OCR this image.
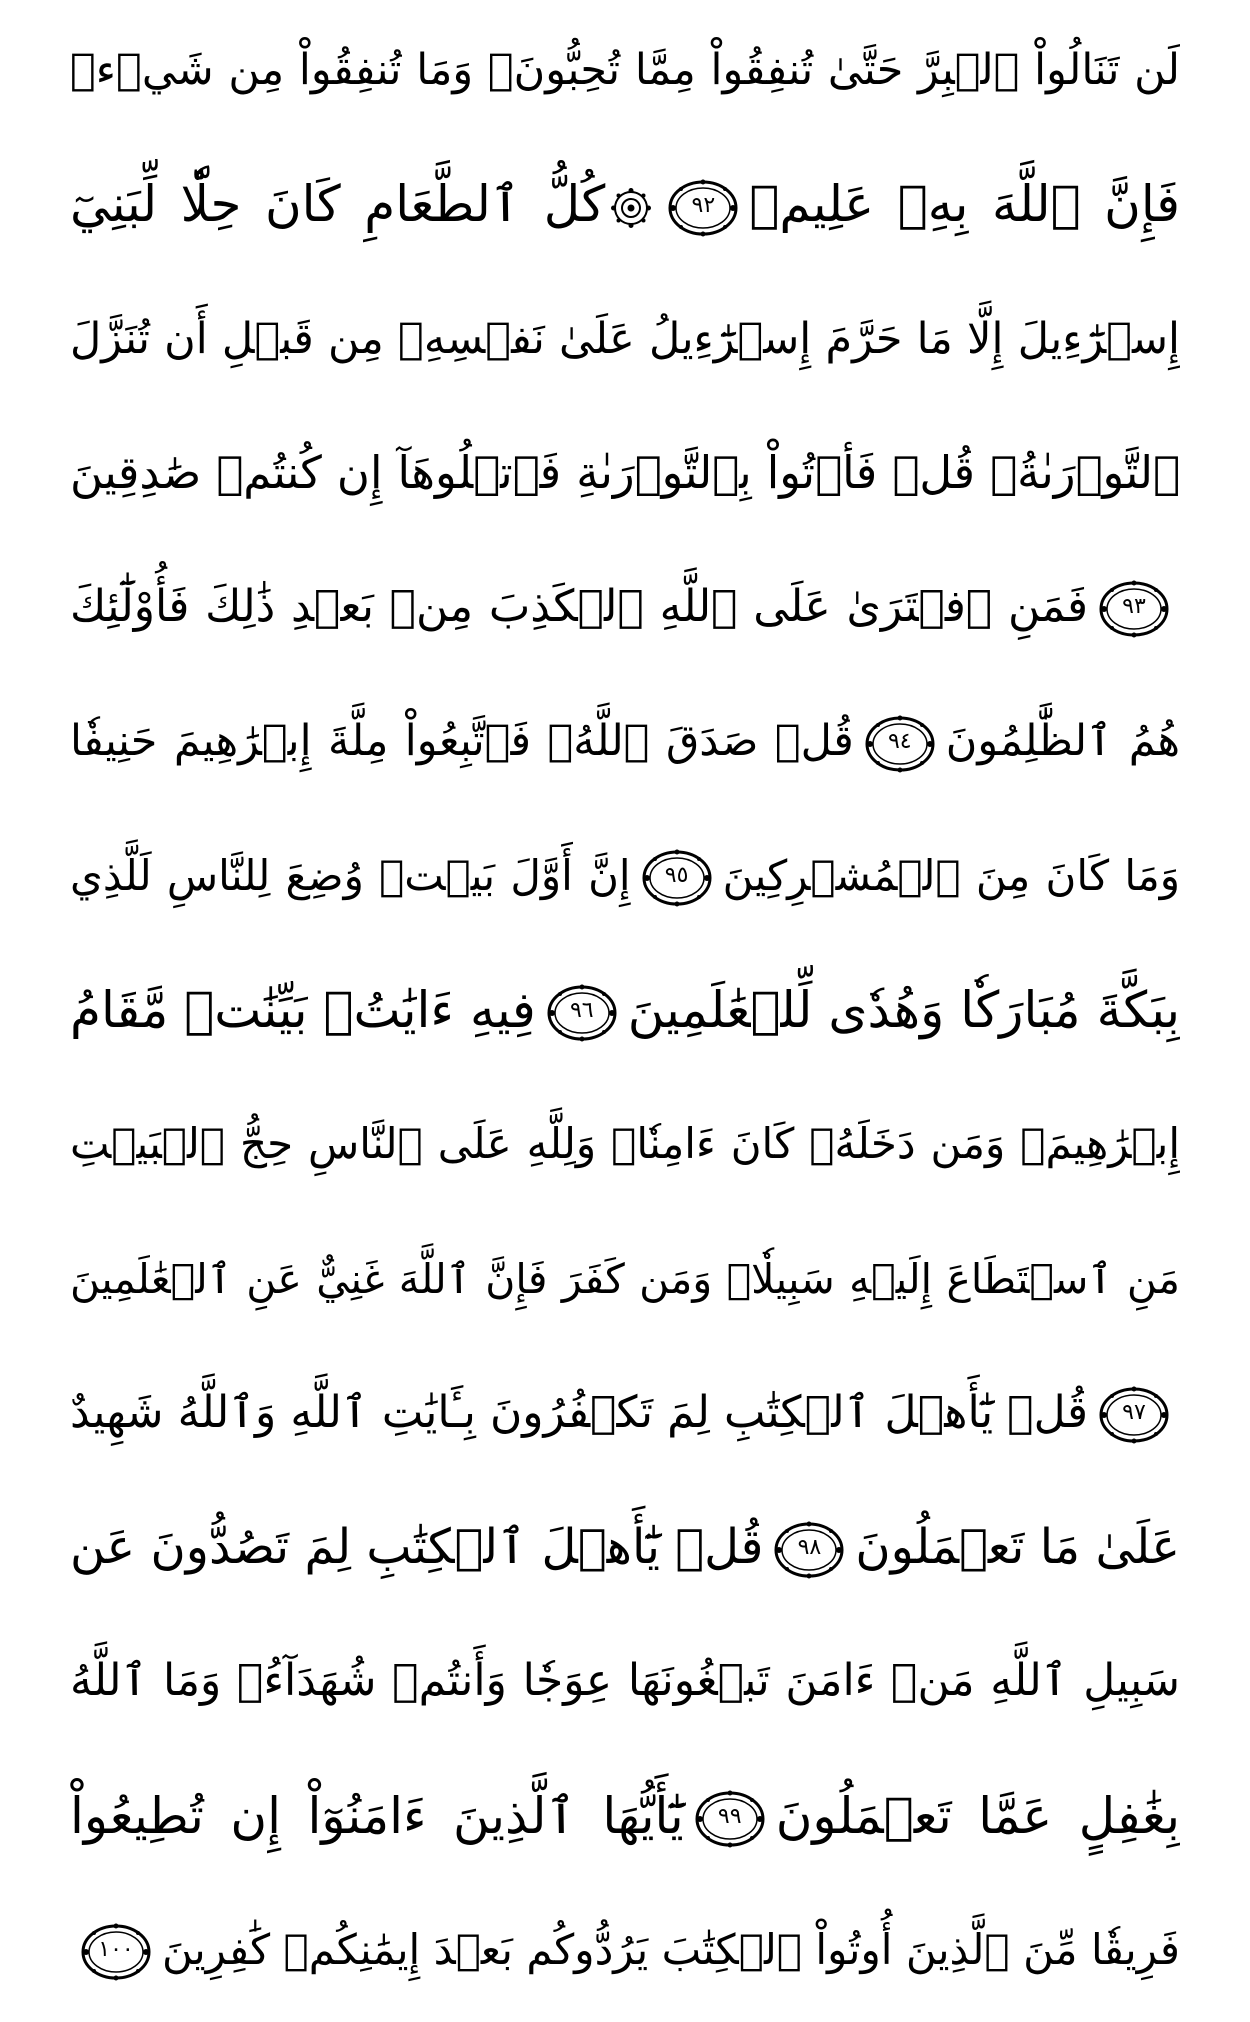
لَن تَنَالُواْ ٱلۡبِرَّ حَتَّىٰ تُنفِقُواْ مِمَّا تُحِبُّونَۚ وَمَا تُنفِقُواْ مِن شَيۡءٖ
فَإِنَّ ٱللَّهَ بِهِۦ عَلِيمٞ
٩٢
كُلُّ ٱلطَّعَامِ كَانَ حِلّٗا لِّبَنِيٓ
إِسۡرَٰٓءِيلَ إِلَّا مَا حَرَّمَ إِسۡرَٰٓءِيلُ عَلَىٰ نَفۡسِهِۦ مِن قَبۡلِ أَن تُنَزَّلَ
ٱلتَّوۡرَىٰةُۗ قُلۡ فَأۡتُواْ بِٱلتَّوۡرَىٰةِ فَٱتۡلُوهَآ إِن كُنتُمۡ صَٰدِقِينَ
٩٣
فَمَنِ ٱفۡتَرَىٰ عَلَى ٱللَّهِ ٱلۡكَذِبَ مِنۢ بَعۡدِ ذَٰلِكَ فَأُوْلَٰٓئِكَ
هُمُ ٱلظَّٰلِمُونَ
٩٤
قُلۡ صَدَقَ ٱللَّهُۗ فَٱتَّبِعُواْ مِلَّةَ إِبۡرَٰهِيمَ حَنِيفٗا
وَمَا كَانَ مِنَ ٱلۡمُشۡرِكِينَ
٩٥
إِنَّ أَوَّلَ بَيۡتٖ وُضِعَ لِلنَّاسِ لَلَّذِي
بِبَكَّةَ مُبَارَكٗا وَهُدٗى لِّلۡعَٰلَمِينَ
٩٦
فِيهِ ءَايَٰتُۢ بَيِّنَٰتٞ مَّقَامُ
إِبۡرَٰهِيمَۖ وَمَن دَخَلَهُۥ كَانَ ءَامِنٗاۗ وَلِلَّهِ عَلَى ٱلنَّاسِ حِجُّ ٱلۡبَيۡتِ
مَنِ ٱسۡتَطَاعَ إِلَيۡهِ سَبِيلٗاۚ وَمَن كَفَرَ فَإِنَّ ٱللَّهَ غَنِيٌّ عَنِ ٱلۡعَٰلَمِينَ
٩٧
قُلۡ يَٰٓأَهۡلَ ٱلۡكِتَٰبِ لِمَ تَكۡفُرُونَ بِـَٔايَٰتِ ٱللَّهِ وَٱللَّهُ شَهِيدٌ
عَلَىٰ مَا تَعۡمَلُونَ
٩٨
قُلۡ يَٰٓأَهۡلَ ٱلۡكِتَٰبِ لِمَ تَصُدُّونَ عَن
سَبِيلِ ٱللَّهِ مَنۡ ءَامَنَ تَبۡغُونَهَا عِوَجٗا وَأَنتُمۡ شُهَدَآءُۗ وَمَا ٱللَّهُ
بِغَٰفِلٍ عَمَّا تَعۡمَلُونَ
٩٩
يَٰٓأَيُّهَا ٱلَّذِينَ ءَامَنُوٓاْ إِن تُطِيعُواْ
فَرِيقٗا مِّنَ ٱلَّذِينَ أُوتُواْ ٱلۡكِتَٰبَ يَرُدُّوكُم بَعۡدَ إِيمَٰنِكُمۡ كَٰفِرِينَ
١٠٠
